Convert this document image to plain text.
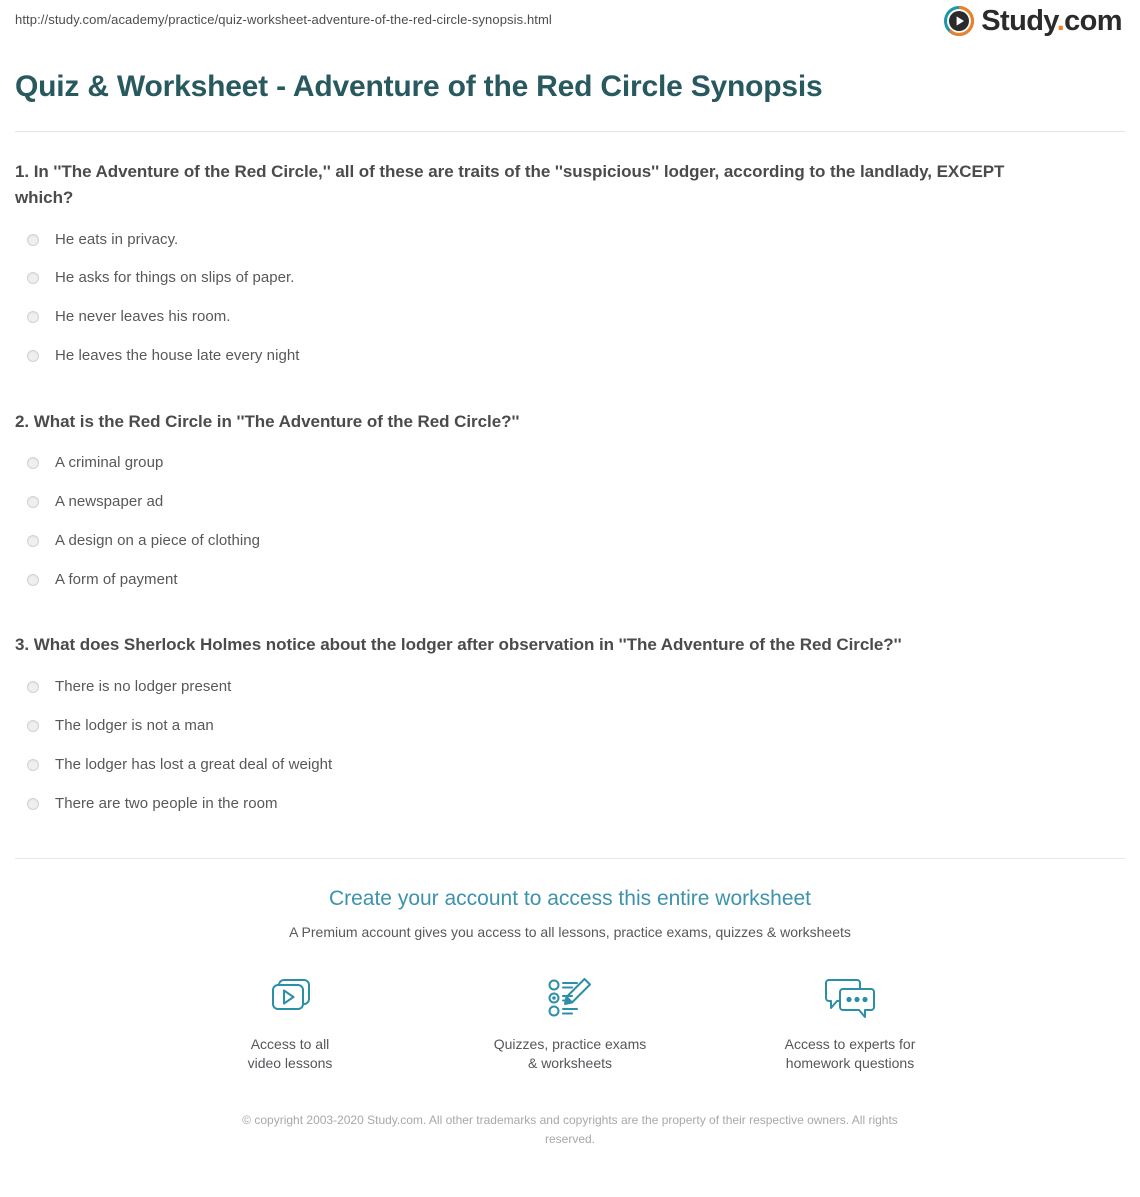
http://study.com/academy/practice/quiz-worksheet-adventure-of-the-red-circle-synopsis.html	Study.com
Quiz & Worksheet - Adventure of the Red Circle Synopsis

1. In ''The Adventure of the Red Circle,'' all of these are traits of the ''suspicious'' lodger, according to the landlady, EXCEPT which?

He eats in privacy.
He asks for things on slips of paper.
He never leaves his room.
He leaves the house late every night

2. What is the Red Circle in ''The Adventure of the Red Circle?''

A criminal group
A newspaper ad
A design on a piece of clothing
A form of payment

3. What does Sherlock Holmes notice about the lodger after observation in ''The Adventure of the Red Circle?''

There is no lodger present
The lodger is not a man
The lodger has lost a great deal of weight
There are two people in the room

Create your account to access this entire worksheet

A Premium account gives you access to all lessons, practice exams, quizzes & worksheets

Access to all
video lessons
Quizzes, practice exams
& worksheets
Access to experts for
homework questions
© copyright 2003-2020 Study.com. All other trademarks and copyrights are the property of their respective owners. All rights reserved.
